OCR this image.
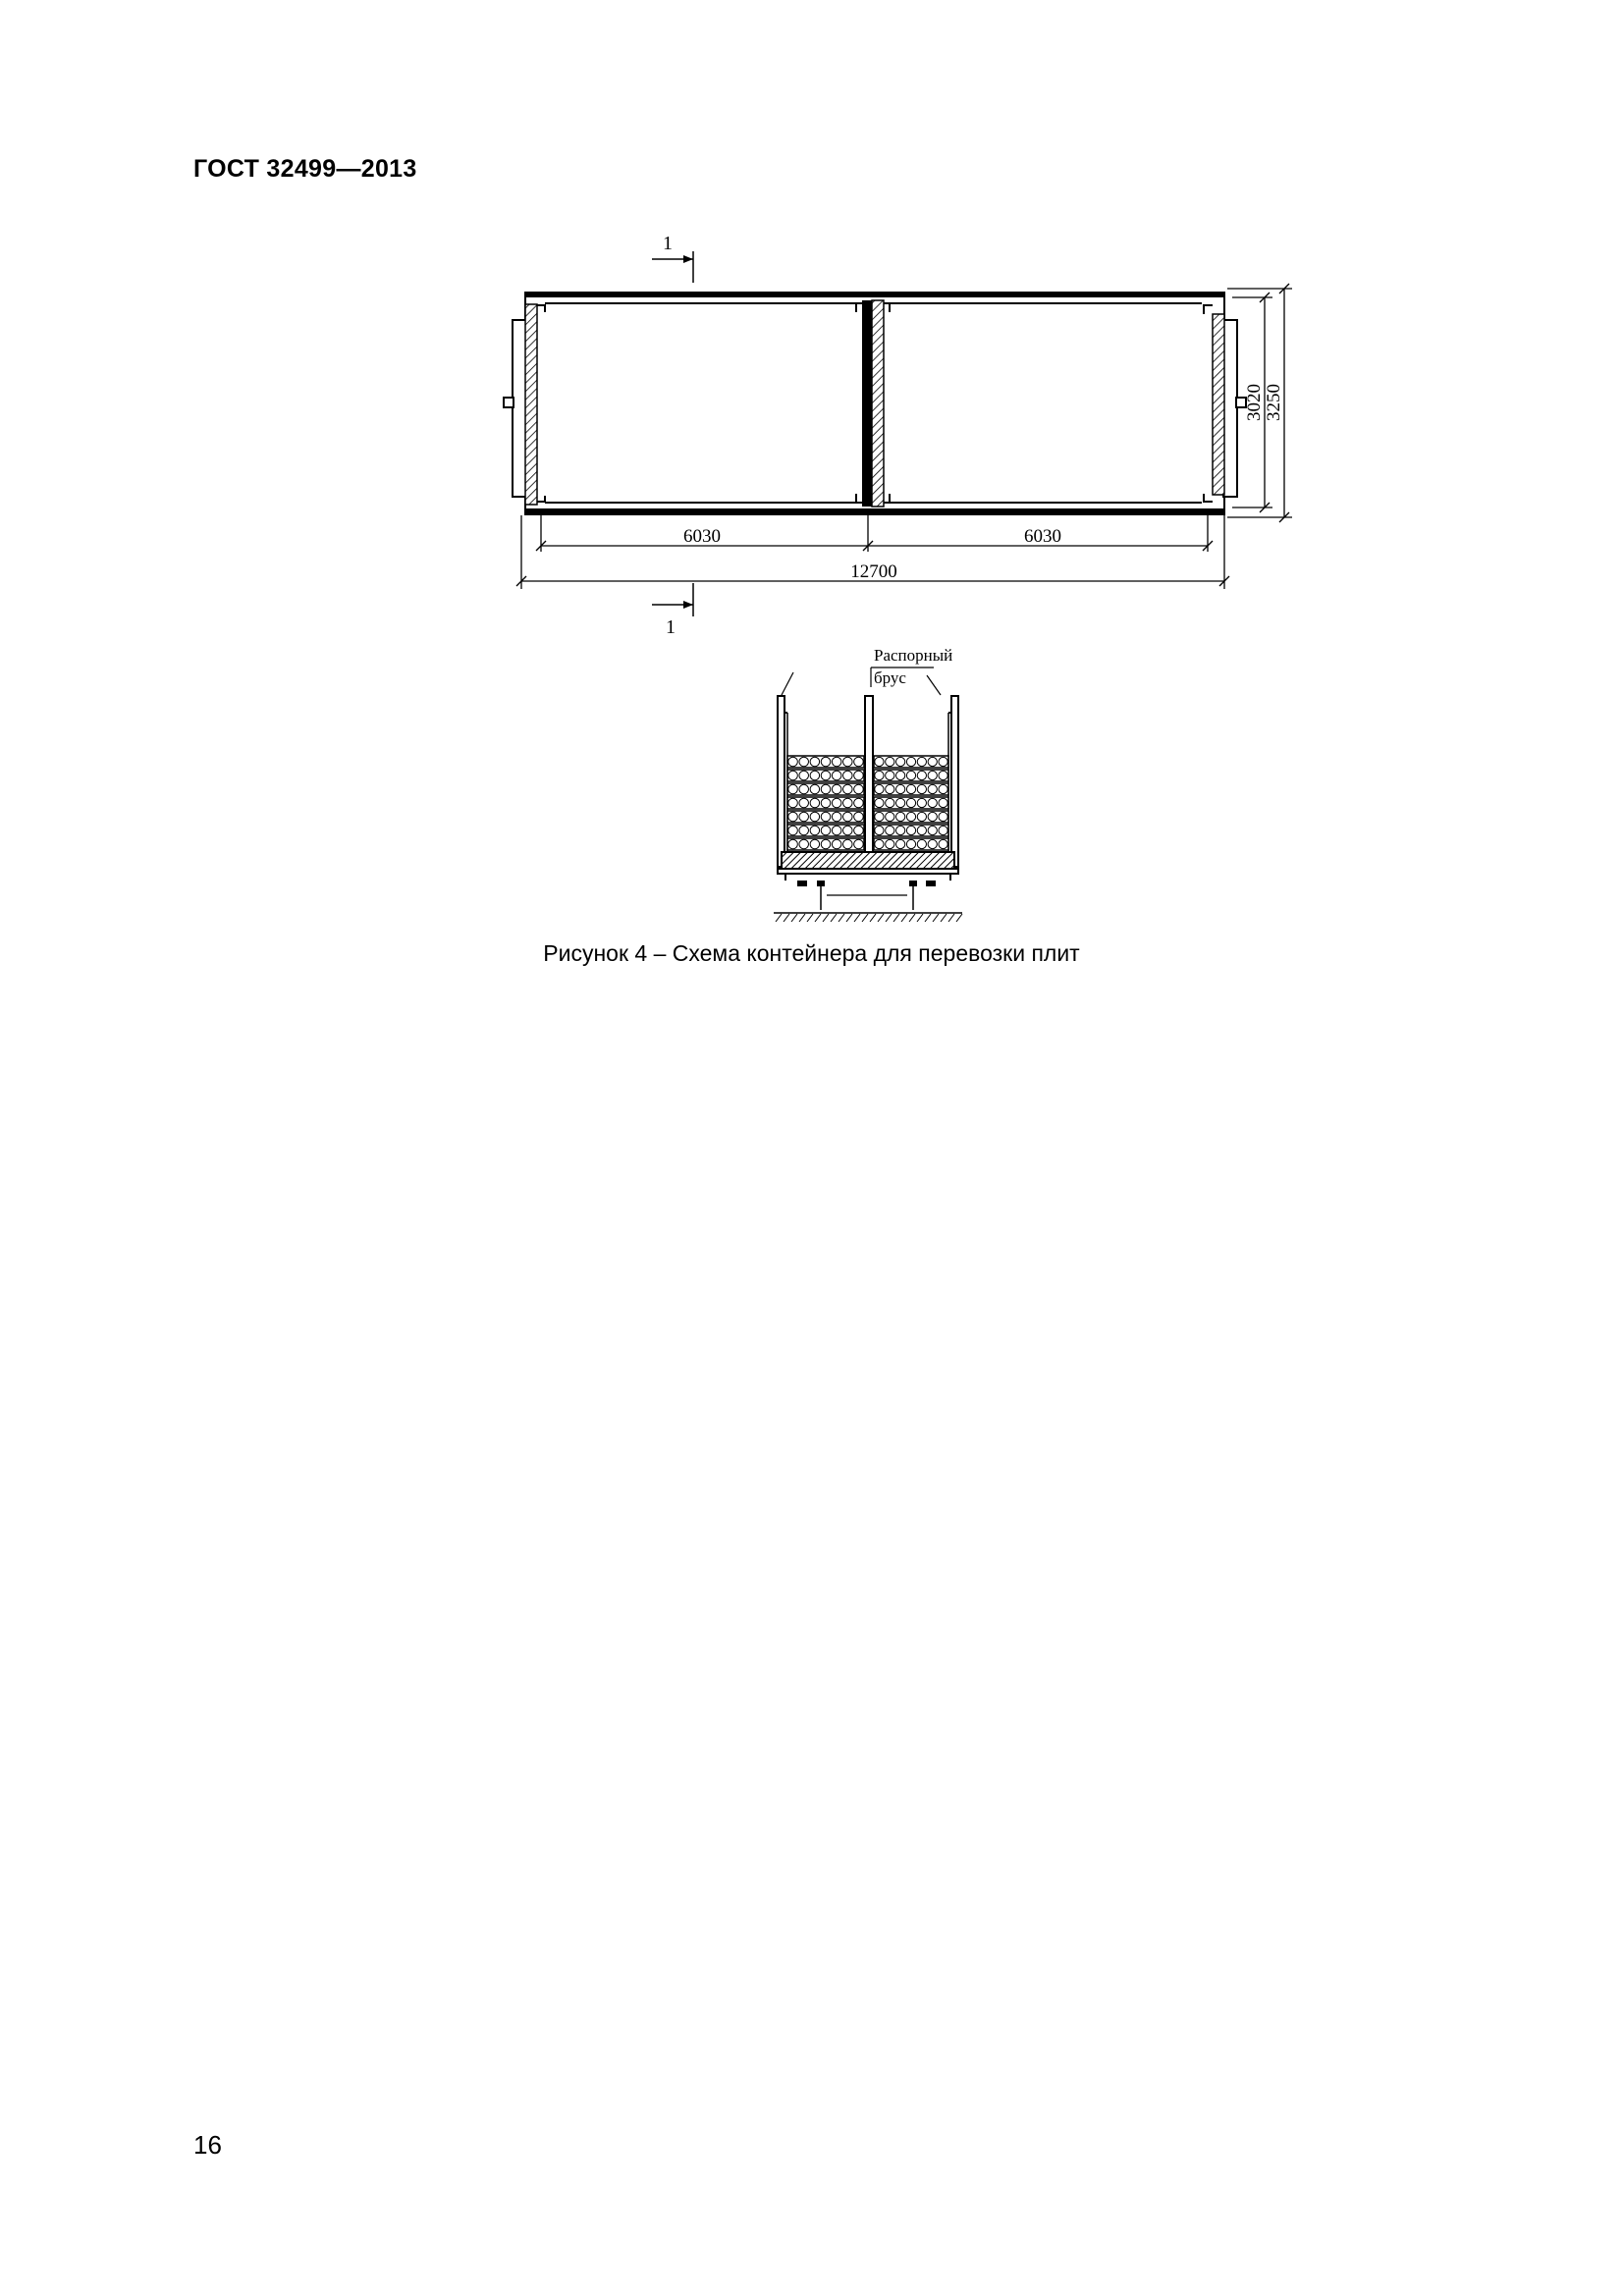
ГОСТ 32499—2013
1
1
6030	6030
12700
3020 3250
Распорный
брус
Рисунок 4 – Схема контейнера для перевозки плит
16
